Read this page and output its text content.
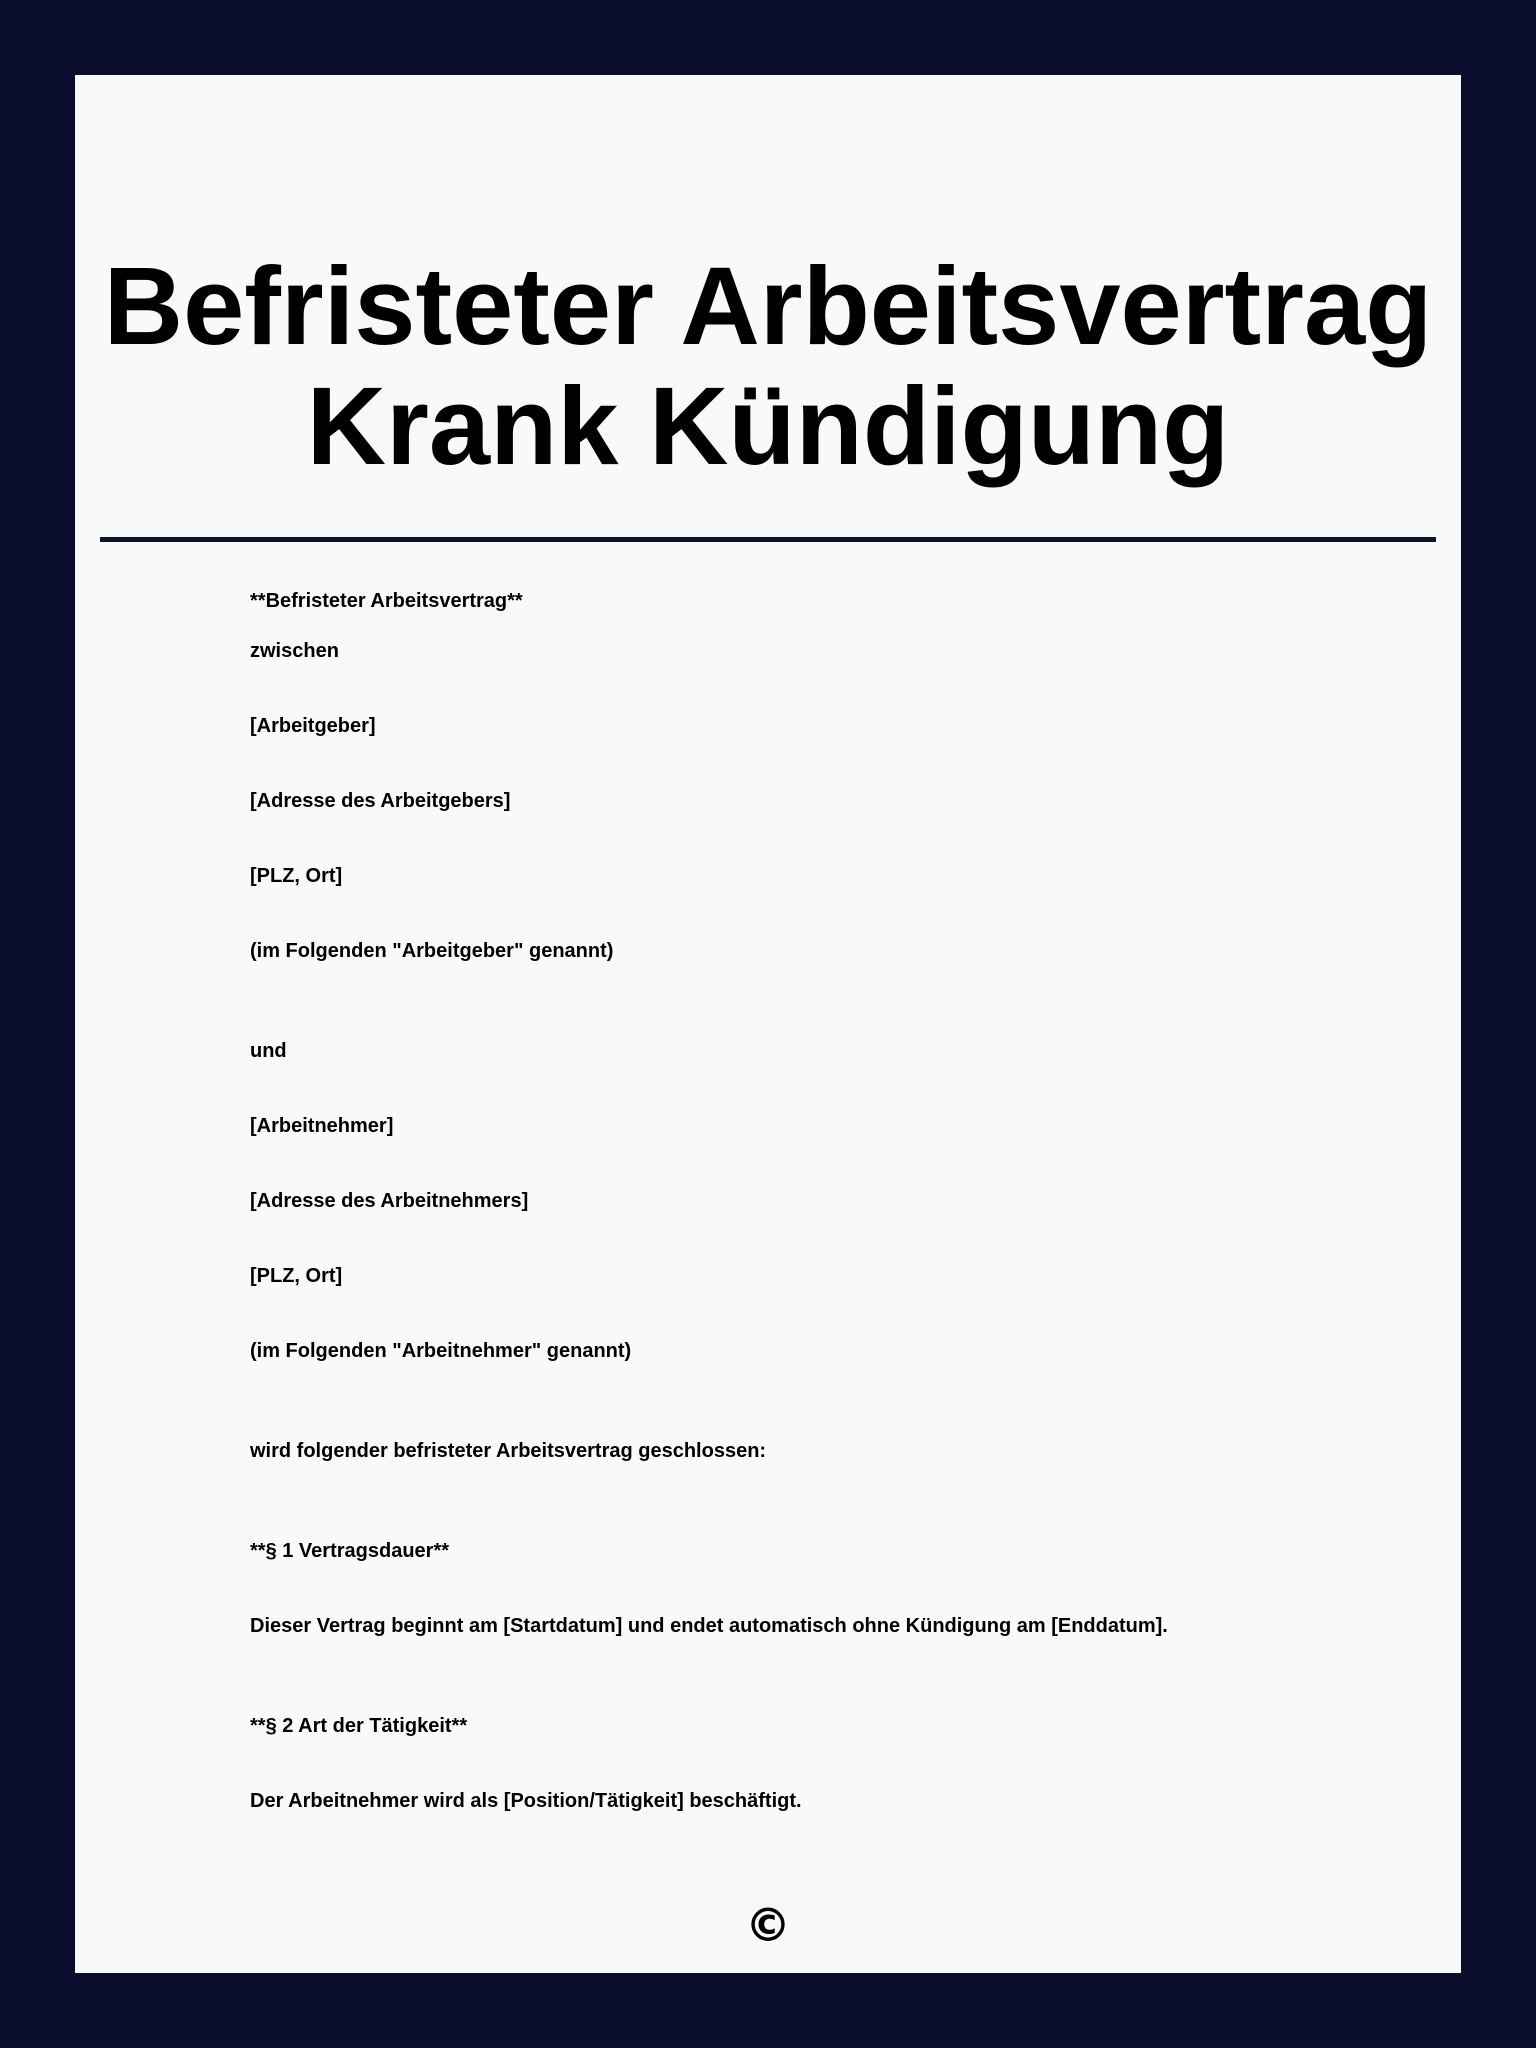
Befristeter Arbeitsvertrag
Krank Kündigung

**Befristeter Arbeitsvertrag**

zwischen

[Arbeitgeber]

[Adresse des Arbeitgebers]

[PLZ, Ort]

(im Folgenden "Arbeitgeber" genannt)

und

[Arbeitnehmer]

[Adresse des Arbeitnehmers]

[PLZ, Ort]

(im Folgenden "Arbeitnehmer" genannt)

wird folgender befristeter Arbeitsvertrag geschlossen:

**§ 1 Vertragsdauer**

Dieser Vertrag beginnt am [Startdatum] und endet automatisch ohne Kündigung am [Enddatum].

**§ 2 Art der Tätigkeit**

Der Arbeitnehmer wird als [Position/Tätigkeit] beschäftigt.

©
